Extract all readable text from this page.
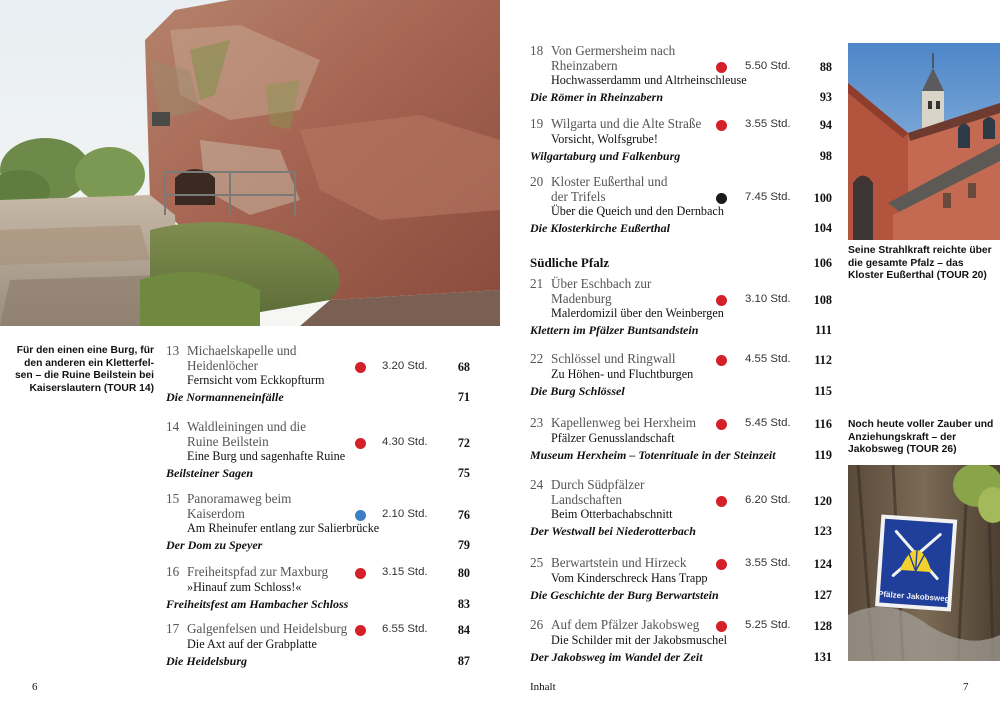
Für den einen eine Burg, für den anderen ein Kletterfel-sen – die Ruine Beilstein bei Kaiserslautern (TOUR 14)
13 Michaelskapelle und
Heidenlöcher	3.20 Std.	68
Fernsicht vom Eckkopfturm
Die Normanneneinfälle	71
14 Waldleiningen und die
Ruine Beilstein	4.30 Std.	72
Eine Burg und sagenhafte Ruine
Beilsteiner Sagen	75
15 Panoramaweg beim
Kaiserdom	2.10 Std.	76
Am Rheinufer entlang zur Salierbrücke
Der Dom zu Speyer	79
16 Freiheitspfad zur Maxburg	3.15 Std.	80
»Hinauf zum Schloss!«
Freiheitsfest am Hambacher Schloss	83
17 Galgenfelsen und Heidelsburg	6.55 Std.	84
Die Axt auf der Grabplatte
Die Heidelsburg	87
18 Von Germersheim nach
Rheinzabern	5.50 Std.	88
Hochwasserdamm und Altrheinschleuse
Die Römer in Rheinzabern	93
19 Wilgarta und die Alte Straße	3.55 Std.	94
Vorsicht, Wolfsgrube!
Wilgartaburg und Falkenburg	98
20 Kloster Eußerthal und
der Trifels	7.45 Std.	100
Über die Queich und den Dernbach
Die Klosterkirche Eußerthal	104
21 Über Eschbach zur
Madenburg	3.10 Std.	108
Malerdomizil über den Weinbergen
Klettern im Pfälzer Buntsandstein	111
22 Schlössel und Ringwall	4.55 Std.	112
Zu Höhen- und Fluchtburgen
Die Burg Schlössel	115
23 Kapellenweg bei Herxheim	5.45 Std.	116
Pfälzer Genusslandschaft
Museum Herxheim – Totenrituale in der Steinzeit	119
24 Durch Südpfälzer
Landschaften	6.20 Std.	120
Beim Otterbachabschnitt
Der Westwall bei Niederotterbach	123
25 Berwartstein und Hirzeck	3.55 Std.	124
Vom Kinderschreck Hans Trapp
Die Geschichte der Burg Berwartstein	127
26 Auf dem Pfälzer Jakobsweg	5.25 Std.	128
Die Schilder mit der Jakobsmuschel
Der Jakobsweg im Wandel der Zeit	131
Südliche Pfalz	106
Seine Strahlkraft reichte über die gesamte Pfalz – das Kloster Eußerthal (TOUR 20)
Noch heute voller Zauber und Anziehungskraft – der Jakobsweg (TOUR 26)
Pfälzer Jakobsweg
6	Inhalt	7
